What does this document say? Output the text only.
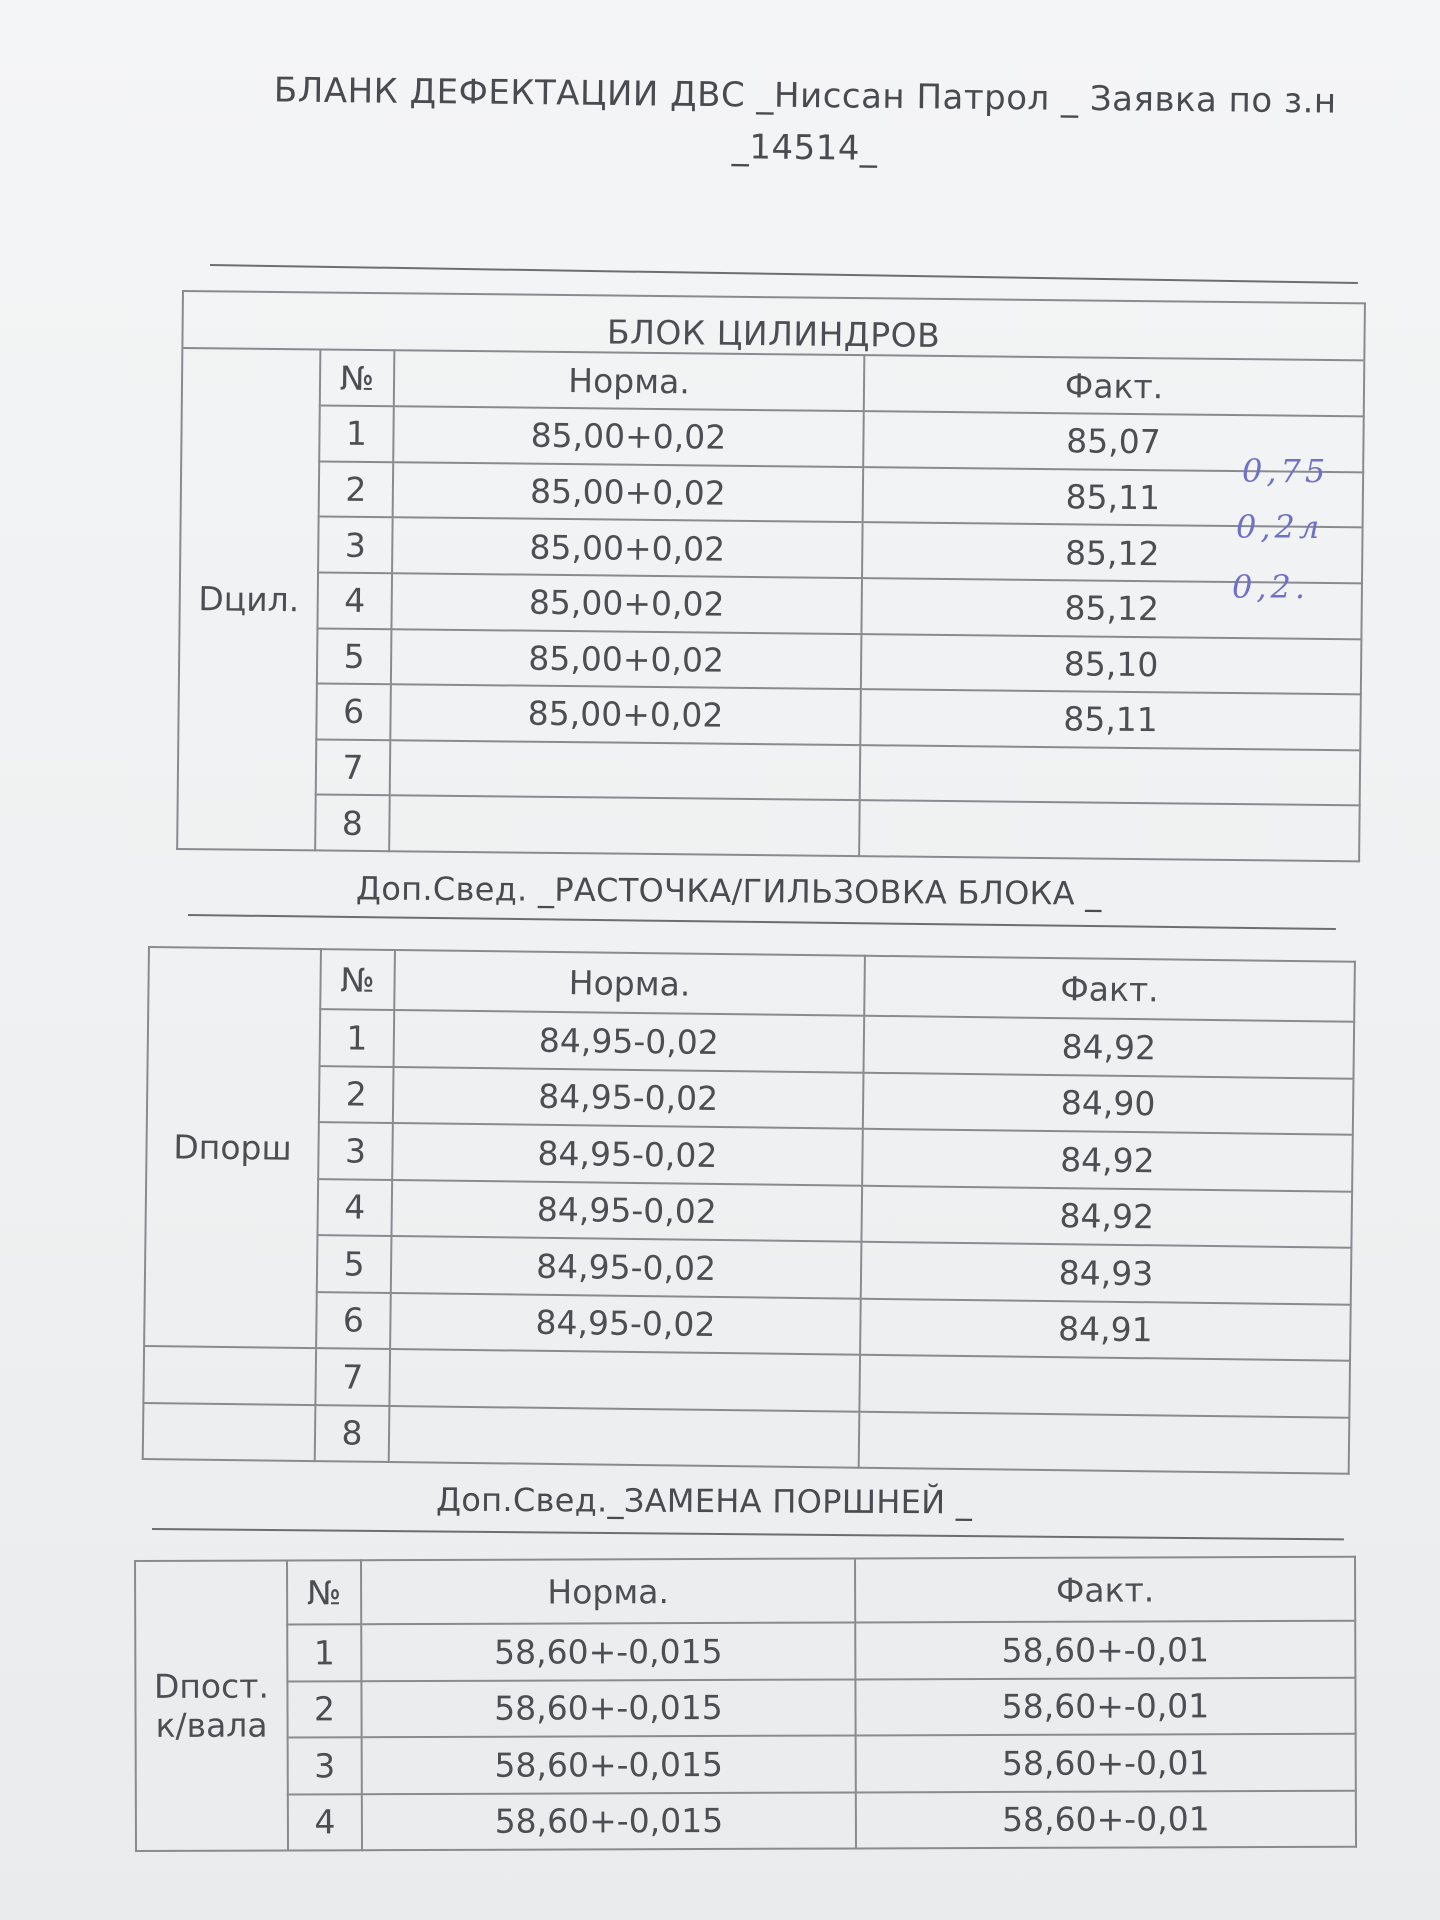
БЛАНК ДЕФЕКТАЦИИ ДВС _Ниссан Патрол _ Заявка по з.н
_14514_
БЛОК ЦИЛИНДРОВ			
Dцил.	№	Норма.	Факт.
	1	85,00+0,02	85,07
	2	85,00+0,02	85,11
	3	85,00+0,02	85,12
	4	85,00+0,02	85,12
	5	85,00+0,02	85,10
	6	85,00+0,02	85,11
	7		
	8		
0,75
0,2л
0,2.
Доп.Свед. _РАСТОЧКА/ГИЛЬЗОВКА БЛОКА _
Dпорш	№	Норма.	Факт.
	1	84,95-0,02	84,92
	2	84,95-0,02	84,90
	3	84,95-0,02	84,92
	4	84,95-0,02	84,92
	5	84,95-0,02	84,93
	6	84,95-0,02	84,91
	7		
	8		
Доп.Свед._ЗАМЕНА ПОРШНЕЙ _
Dпост.
к/вала	№	Норма.	Факт.
	1	58,60+-0,015	58,60+-0,01
	2	58,60+-0,015	58,60+-0,01
	3	58,60+-0,015	58,60+-0,01
	4	58,60+-0,015	58,60+-0,01
